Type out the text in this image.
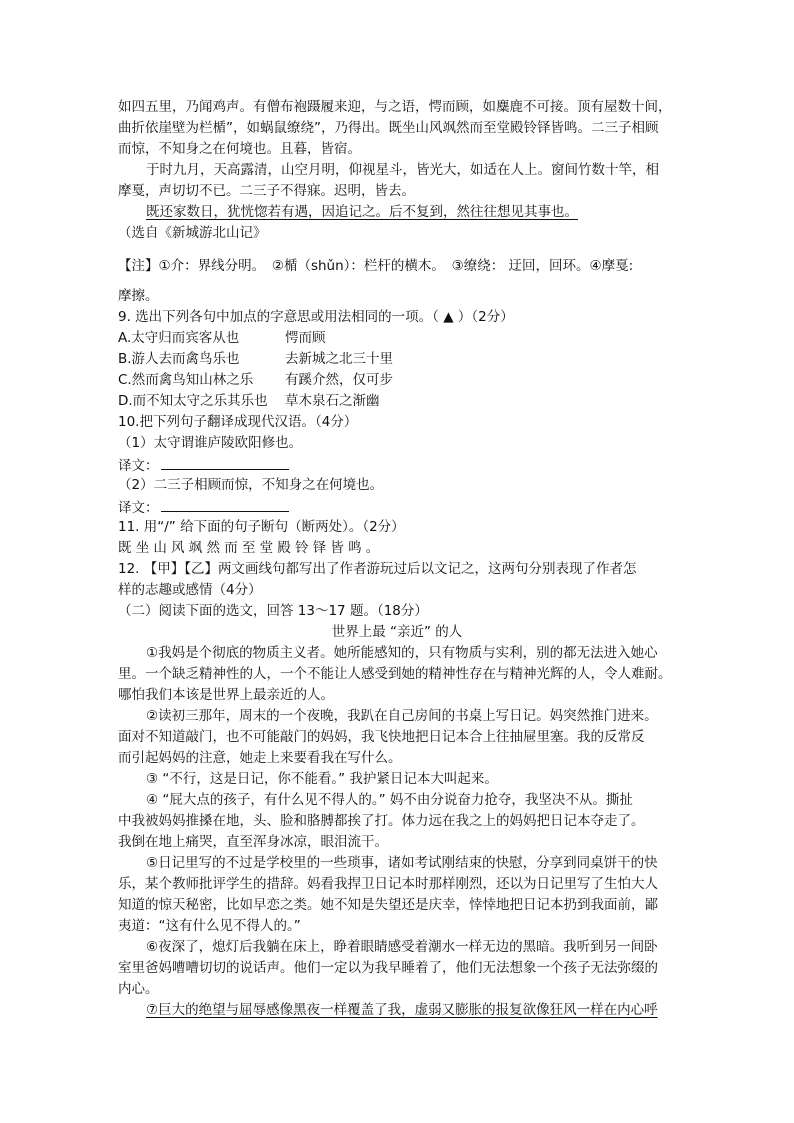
如四五里，乃闻鸡声。有僧布袍蹑履来迎，与之语，愕而顾，如麋鹿不可接。顶有屋数十间，
曲折依崖壁为栏楯”，如蜗鼠缭绕”，乃得出。既坐山风飒然而至堂殿铃铎皆鸣。二三子相顾
而惊，不知身之在何境也。且暮，皆宿。
于时九月，天高露清，山空月明，仰视星斗，皆光大，如适在人上。窗间竹数十竿，相
摩戛，声切切不已。二三子不得寐。迟明，皆去。
既还家数日，犹恍惚若有遇，因追记之。后不复到，然往往想见其事也。
（选自《新城游北山记》
【注】①介：界线分明。　②楯（shǔn）：栏杆的横木。　③缭绕： 迂回，回环。④摩戛:
摩擦。
9. 选出下列各句中加点的字意思或用法相同的一项。（ ▲ ）（2分）
A.太守归而宾客从也	愕而顾
B.游人去而禽鸟乐也	去新城之北三十里
C.然而禽鸟知山林之乐 有蹊介然，仅可步
D.而不知太守之乐其乐也 草木泉石之渐幽
10.把下列句子翻译成现代汉语。（4分）
（1）太守谓谁庐陵欧阳修也。
译文：
（2）二三子相顾而惊，不知身之在何境也。
译文：
11. 用“/” 给下面的句子断句（断两处）。（2分）
既坐山风飒然而至堂殿铃铎皆鸣。
12. 【甲】【乙】两文画线句都写出了作者游玩过后以文记之，这两句分别表现了作者怎
样的志趣或感情（4分）
（二）阅读下面的选文，回答 13～17 题。（18分）
世界上最 “亲近” 的人
①我妈是个彻底的物质主义者。她所能感知的，只有物质与实利，别的都无法进入她心
里。一个缺乏精神性的人，一个不能让人感受到她的精神性存在与精神光辉的人，令人难耐。
哪怕我们本该是世界上最亲近的人。
②读初三那年，周末的一个夜晚，我趴在自己房间的书桌上写日记。妈突然推门进来。
面对不知道敲门，也不可能敲门的妈妈，我飞快地把日记本合上往抽屉里塞。我的反常反
而引起妈妈的注意，她走上来要看我在写什么。
③ “不行，这是日记，你不能看。” 我护紧日记本大叫起来。
④ “屁大点的孩子，有什么见不得人的。” 妈不由分说奋力抢夺，我坚决不从。撕扯
中我被妈妈推搡在地，头、脸和胳膊都挨了打。体力远在我之上的妈妈把日记本夺走了。
我倒在地上痛哭，直至浑身冰凉，眼泪流干。
⑤日记里写的不过是学校里的一些琐事，诸如考试刚结束的快慰，分享到同桌饼干的快
乐，某个教师批评学生的措辞。妈看我捍卫日记本时那样刚烈，还以为日记里写了生怕大人
知道的惊天秘密，比如早恋之类。她不知是失望还是庆幸，悻悻地把日记本扔到我面前，鄙
夷道：“这有什么见不得人的。”
⑥夜深了，熄灯后我躺在床上，睁着眼睛感受着潮水一样无边的黑暗。我听到另一间卧
室里爸妈嘈嘈切切的说话声。他们一定以为我早睡着了，他们无法想象一个孩子无法弥缀的
内心。
⑦巨大的绝望与屈辱感像黑夜一样覆盖了我，虚弱又膨胀的报复欲像狂风一样在内心呼
